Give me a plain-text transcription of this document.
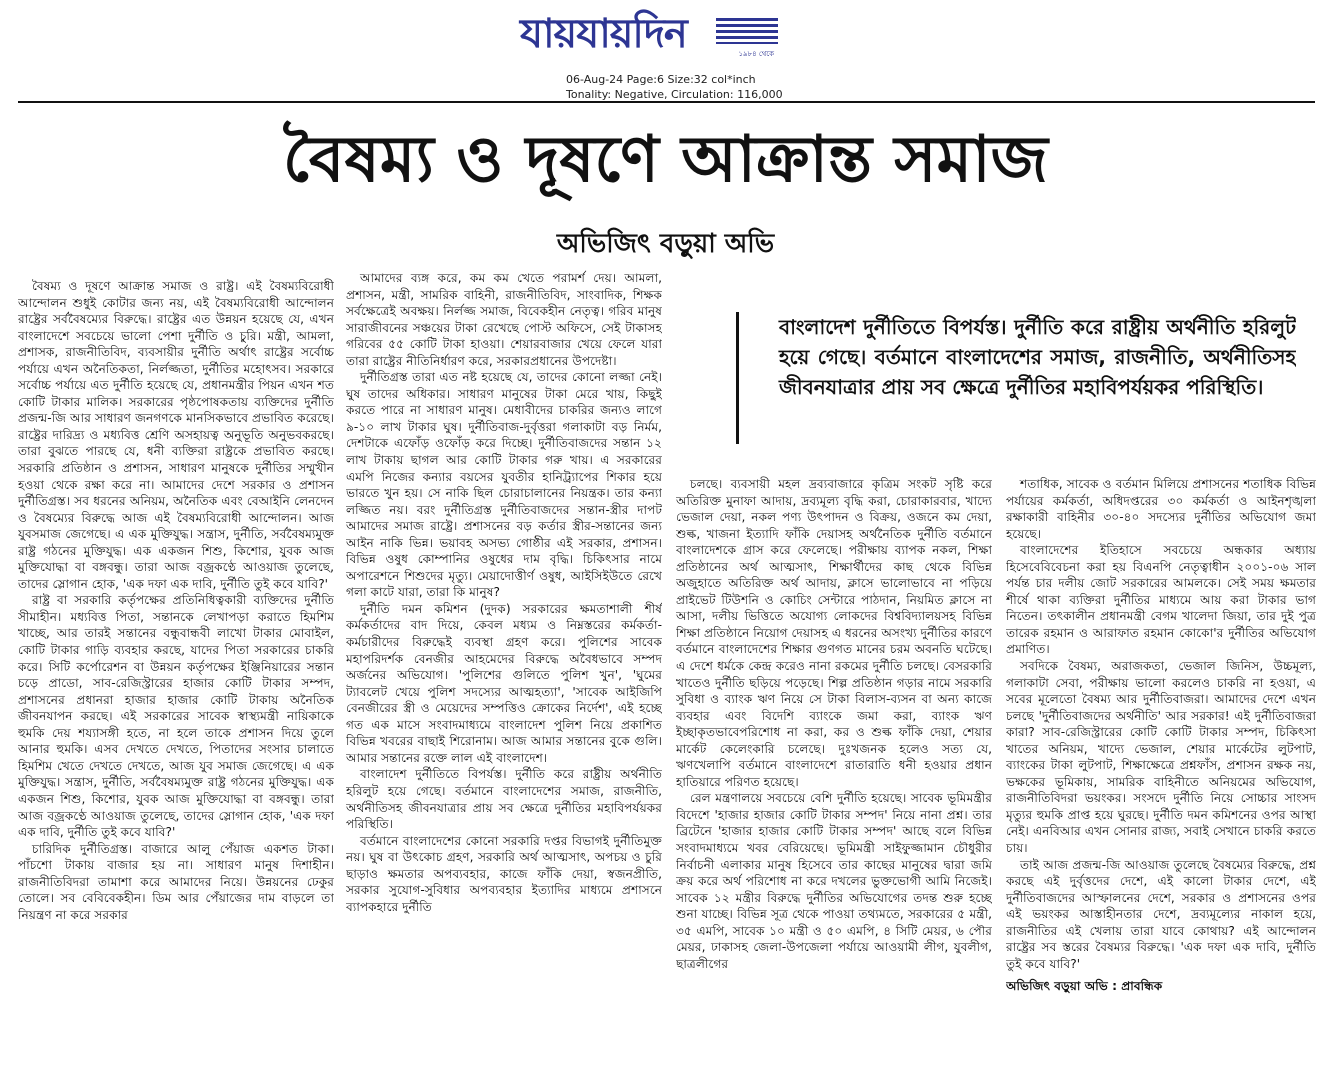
যায়যায়দিন	১৯৮৪ থেকে
06-Aug-24 Page:6 Size:32 col*inch
Tonality: Negative, Circulation: 116,000
বৈষম্য ও দূষণে আক্রান্ত সমাজ
অভিজিৎ বড়ুয়া অভি

বৈষম্য ও দূষণে আক্রান্ত সমাজ ও রাষ্ট্র। এই বৈষম্যবিরোধী আন্দোলন শুধুই কোটার জন্য নয়, এই বৈষম্যবিরোধী আন্দোলন রাষ্ট্রের সর্ববৈষম্যের বিরুদ্ধে। রাষ্ট্রের এত উন্নয়ন হয়েছে যে, এখন বাংলাদেশে সবচেয়ে ভালো পেশা দুর্নীতি ও চুরি। মন্ত্রী, আমলা, প্রশাসক, রাজনীতিবিদ, ব্যবসায়ীর দুর্নীতি অর্থাৎ রাষ্ট্রের সর্বোচ্চ পর্যায়ে এখন অনৈতিকতা, নির্লজ্জতা, দুর্নীতির মহোৎসব। সরকারে সর্বোচ্চ পর্যায়ে এত দুর্নীতি হয়েছে যে, প্রধানমন্ত্রীর পিয়ন এখন শত কোটি টাকার মালিক। সরকারের পৃষ্ঠপোষকতায় ব্যক্তিদের দুর্নীতি প্রজন্ম-জি আর সাধারণ জনগণকে মানসিকভাবে প্রভাবিত করেছে। রাষ্ট্রের দারিদ্র্য ও মধ্যবিত্ত শ্রেণি অসহায়ত্ব অনুভূতি অনুভবকরছে। তারা বুঝতে পারছে যে, ধনী ব্যক্তিরা রাষ্ট্রকে প্রভাবিত করছে। সরকারি প্রতিষ্ঠান ও প্রশাসন, সাধারণ মানুষকে দুর্নীতির সম্মুখীন হওয়া থেকে রক্ষা করে না। আমাদের দেশে সরকার ও প্রশাসন দুর্নীতিগ্রস্ত। সব ধরনের অনিয়ম, অনৈতিক এবং বেআইনি লেনদেন ও বৈষম্যের বিরুদ্ধে আজ এই বৈষম্যবিরোধী আন্দোলন। আজ যুবসমাজ জেগেছে। এ এক মুক্তিযুদ্ধ। সন্ত্রাস, দুর্নীতি, সর্ববৈষম্যমুক্ত রাষ্ট্র গঠনের মুক্তিযুদ্ধ। এক একজন শিশু, কিশোর, যুবক আজ মুক্তিযোদ্ধা বা বঙ্গবন্ধু। তারা আজ বজ্রকণ্ঠে আওয়াজ তুলেছে, তাদের স্লোগান হোক, 'এক দফা এক দাবি, দুর্নীতি তুই কবে যাবি?'

রাষ্ট্র বা সরকারি কর্তৃপক্ষের প্রতিনিধিত্বকারী ব্যক্তিদের দুর্নীতি সীমাহীন। মধ্যবিত্ত পিতা, সন্তানকে লেখাপড়া করাতে হিমশিম খাচ্ছে, আর তারই সন্তানের বন্ধুবান্ধবী লাখো টাকার মোবাইল, কোটি টাকার গাড়ি ব্যবহার করছে, যাদের পিতা সরকারের চাকরি করে। সিটি কর্পোরেশন বা উন্নয়ন কর্তৃপক্ষের ইঞ্জিনিয়ারের সন্তান চড়ে প্রাডো, সাব-রেজিস্ট্রারের হাজার কোটি টাকার সম্পদ, প্রশাসনের প্রধানরা হাজার হাজার কোটি টাকায় অনৈতিক জীবনযাপন করছে। এই সরকারের সাবেক স্বাস্থ্যমন্ত্রী নায়িকাকে হুমকি দেয় শয্যাসঙ্গী হতে, না হলে তাকে প্রশাসন দিয়ে তুলে আনার হুমকি। এসব দেখতে দেখতে, পিতাদের সংসার চালাতে হিমশিম খেতে দেখতে দেখতে, আজ যুব সমাজ জেগেছে। এ এক মুক্তিযুদ্ধ। সন্ত্রাস, দুর্নীতি, সর্ববৈষম্যমুক্ত রাষ্ট্র গঠনের মুক্তিযুদ্ধ। এক একজন শিশু, কিশোর, যুবক আজ মুক্তিযোদ্ধা বা বঙ্গবন্ধু। তারা আজ বজ্রকণ্ঠে আওয়াজ তুলেছে, তাদের স্লোগান হোক, 'এক দফা এক দাবি, দুর্নীতি তুই কবে যাবি?'

চারিদিক দুর্নীতিগ্রস্ত। বাজারে আলু পেঁয়াজ একশত টাকা। পাঁচশো টাকায় বাজার হয় না। সাধারণ মানুষ দিশাহীন। রাজনীতিবিদরা তামাশা করে আমাদের নিয়ে। উন্নয়নের ঢেকুর তোলে। সব বেবিবেকহীন। ডিম আর পেঁয়াজের দাম বাড়লে তা নিয়ন্ত্রণ না করে সরকার

আমাদের ব্যঙ্গ করে, কম কম খেতে পরামর্শ দেয়। আমলা, প্রশাসন, মন্ত্রী, সামরিক বাহিনী, রাজনীতিবিদ, সাংবাদিক, শিক্ষক সর্বক্ষেত্রেই অবক্ষয়। নির্লজ্জ সমাজ, বিবেকহীন নেতৃত্ব। গরিব মানুষ সারাজীবনের সঞ্চয়ের টাকা রেখেছে পোস্ট অফিসে, সেই টাকাসহ গরিবের ৫৫ কোটি টাকা হাওয়া। শেয়ারবাজার খেয়ে ফেলে যারা তারা রাষ্ট্রের নীতিনির্ধারণ করে, সরকারপ্রধানের উপদেষ্টা।

দুর্নীতিগ্রস্ত তারা এত নষ্ট হয়েছে যে, তাদের কোনো লজ্জা নেই। ঘুষ তাদের অধিকার। সাধারণ মানুষের টাকা মেরে খায়, কিছুই করতে পারে না সাধারণ মানুষ। মেধাবীদের চাকরির জন্যও লাগে ৯-১০ লাখ টাকার ঘুষ। দুর্নীতিবাজ-দুর্বৃত্তরা গলাকাটা বড় নির্মম, দেশটাকে এফোঁড় ওফোঁড় করে দিচ্ছে। দুর্নীতিবাজদের সন্তান ১২ লাখ টাকায় ছাগল আর কোটি টাকার গরু খায়। এ সরকারের এমপি নিজের কন্যার বয়সের যুবতীর হানিট্র্যাপের শিকার হয়ে ভারতে খুন হয়। সে নাকি ছিল চোরাচালানের নিয়ন্ত্রক। তার কন্যা লজ্জিত নয়। বরং দুর্নীতিগ্রস্ত দুর্নীতিবাজদের সন্তান-স্ত্রীর দাপট আমাদের সমাজ রাষ্ট্রে। প্রশাসনের বড় কর্তার স্ত্রীর-সন্তানের জন্য আইন নাকি ভিন্ন। ভয়াবহ অসভ্য গোষ্ঠীর এই সরকার, প্রশাসন। বিভিন্ন ওষুধ কোম্পানির ওষুধের দাম বৃদ্ধি। চিকিৎসার নামে অপারেশনে শিশুদের মৃত্যু। মেয়াদোত্তীর্ণ ওষুধ, আইসিইউতে রেখে গলা কাটে যারা, তারা কি মানুষ?

দুর্নীতি দমন কমিশন (দুদক) সরকারের ক্ষমতাশালী শীর্ষ কর্মকর্তাদের বাদ দিয়ে, কেবল মধ্যম ও নিম্নস্তরের কর্মকর্তা-কর্মচারীদের বিরুদ্ধেই ব্যবস্থা গ্রহণ করে। পুলিশের সাবেক মহাপরিদর্শক বেনজীর আহমেদের বিরুদ্ধে অবৈধভাবে সম্পদ অর্জনের অভিযোগ। 'পুলিশের গুলিতে পুলিশ খুন', 'ঘুমের ট্যাবলেট খেয়ে পুলিশ সদস্যের আত্মহত্যা', 'সাবেক আইজিপি বেনজীরের স্ত্রী ও মেয়েদের সম্পত্তিও ক্রোকের নির্দেশ', এই হচ্ছে গত এক মাসে সংবাদমাধ্যমে বাংলাদেশ পুলিশ নিয়ে প্রকাশিত বিভিন্ন খবরের বাছাই শিরোনাম। আজ আমার সন্তানের বুকে গুলি। আমার সন্তানের রক্তে লাল এই বাংলাদেশ।

বাংলাদেশ দুর্নীতিতে বিপর্যস্ত। দুর্নীতি করে রাষ্ট্রীয় অর্থনীতি হরিলুট হয়ে গেছে। বর্তমানে বাংলাদেশের সমাজ, রাজনীতি, অর্থনীতিসহ জীবনযাত্রার প্রায় সব ক্ষেত্রে দুর্নীতির মহাবিপর্যয়কর পরিস্থিতি।

বর্তমানে বাংলাদেশের কোনো সরকারি দপ্তর বিভাগই দুর্নীতিমুক্ত নয়। ঘুষ বা উৎকোচ গ্রহণ, সরকারি অর্থ আত্মসাৎ, অপচয় ও চুরি ছাড়াও ক্ষমতার অপব্যবহার, কাজে ফাঁকি দেয়া, স্বজনপ্রীতি, সরকার সুযোগ-সুবিধার অপব্যবহার ইত্যাদির মাধ্যমে প্রশাসনে ব্যাপকহারে দুর্নীতি

বাংলাদেশ দুর্নীতিতে বিপর্যস্ত। দুর্নীতি করে রাষ্ট্রীয় অর্থনীতি হরিলুট হয়ে গেছে। বর্তমানে বাংলাদেশের সমাজ, রাজনীতি, অর্থনীতিসহ জীবনযাত্রার প্রায় সব ক্ষেত্রে দুর্নীতির মহাবিপর্যয়কর পরিস্থিতি।

চলছে। ব্যবসায়ী মহল দ্রব্যবাজারে কৃত্রিম সংকট সৃষ্টি করে অতিরিক্ত মুনাফা আদায়, দ্রব্যমূল্য বৃদ্ধি করা, চোরাকারবার, খাদ্যে ভেজাল দেয়া, নকল পণ্য উৎপাদন ও বিক্রয়, ওজনে কম দেয়া, শুল্ক, খাজনা ইত্যাদি ফাঁকি দেয়াসহ অর্থনৈতিক দুর্নীতি বর্তমানে বাংলাদেশকে গ্রাস করে ফেলেছে। পরীক্ষায় ব্যাপক নকল, শিক্ষা প্রতিষ্ঠানের অর্থ আত্মসাৎ, শিক্ষার্থীদের কাছ থেকে বিভিন্ন অজুহাতে অতিরিক্ত অর্থ আদায়, ক্লাসে ভালোভাবে না পড়িয়ে প্রাইভেট টিউশনি ও কোচিং সেন্টারে পাঠদান, নিয়মিত ক্লাসে না আসা, দলীয় ভিত্তিতে অযোগ্য লোকদের বিশ্ববিদ্যালয়সহ বিভিন্ন শিক্ষা প্রতিষ্ঠানে নিয়োগ দেয়াসহ এ ধরনের অসংখ্য দুর্নীতির কারণে বর্তমানে বাংলাদেশের শিক্ষার গুণগত মানের চরম অবনতি ঘটেছে। এ দেশে ধর্মকে কেন্দ্র করেও নানা রকমের দুর্নীতি চলছে। বেসরকারি খাতেও দুর্নীতি ছড়িয়ে পড়েছে। শিল্প প্রতিষ্ঠান গড়ার নামে সরকারি সুবিধা ও ব্যাংক ঋণ নিয়ে সে টাকা বিলাস-ব্যসন বা অন্য কাজে ব্যবহার এবং বিদেশি ব্যাংকে জমা করা, ব্যাংক ঋণ ইচ্ছাকৃতভাবেপরিশোধ না করা, কর ও শুল্ক ফাঁকি দেয়া, শেয়ার মার্কেট কেলেংকারি চলেছে। দুঃখজনক হলেও সত্য যে, ঋণখেলাপি বর্তমানে বাংলাদেশে রাতারাতি ধনী হওয়ার প্রধান হাতিয়ারে পরিণত হয়েছে।

রেল মন্ত্রণালয়ে সবচেয়ে বেশি দুর্নীতি হয়েছে। সাবেক ভূমিমন্ত্রীর বিদেশে 'হাজার হাজার কোটি টাকার সম্পদ' নিয়ে নানা প্রশ্ন। তার ব্রিটেনে 'হাজার হাজার কোটি টাকার সম্পদ' আছে বলে বিভিন্ন সংবাদমাধ্যমে খবর বেরিয়েছে। ভূমিমন্ত্রী সাইফুজ্জামান চৌধুরীর নির্বাচনী এলাকার মানুষ হিসেবে তার কাছের মানুষের দ্বারা জমি ক্রয় করে অর্থ পরিশোধ না করে দখলের ভুক্তভোগী আমি নিজেই। সাবেক ১২ মন্ত্রীর বিরুদ্ধে দুর্নীতির অভিযোগের তদন্ত শুরু হচ্ছে শুনা যাচ্ছে। বিভিন্ন সূত্র থেকে পাওয়া তথ্যমতে, সরকারের ৫ মন্ত্রী, ৩৫ এমপি, সাবেক ১০ মন্ত্রী ও ৫০ এমপি, ৪ সিটি মেয়র, ৬ পৌর মেয়র, ঢাকাসহ জেলা-উপজেলা পর্যায়ে আওয়ামী লীগ, যুবলীগ, ছাত্রলীগের

শতাধিক, সাবেক ও বর্তমান মিলিয়ে প্রশাসনের শতাধিক বিভিন্ন পর্যায়ের কর্মকর্তা, অধিদপ্তরের ৩০ কর্মকর্তা ও আইনশৃঙ্খলা রক্ষাকারী বাহিনীর ৩০-৪০ সদস্যের দুর্নীতির অভিযোগ জমা হয়েছে।

বাংলাদেশের ইতিহাসে সবচেয়ে অন্ধকার অধ্যায় হিসেবেবিবেচনা করা হয় বিএনপি নেতৃত্বাধীন ২০০১-০৬ সাল পর্যন্ত চার দলীয় জোট সরকারের আমলকে। সেই সময় ক্ষমতার শীর্ষে থাকা ব্যক্তিরা দুর্নীতির মাধ্যমে আয় করা টাকার ভাগ নিতেন। তৎকালীন প্রধানমন্ত্রী বেগম খালেদা জিয়া, তার দুই পুত্র তারেক রহমান ও আরাফাত রহমান কোকো'র দুর্নীতির অভিযোগ প্রমাণিত।

সবদিকে বৈষম্য, অরাজকতা, ভেজাল জিনিস, উচ্চমূল্য, গলাকাটা সেবা, পরীক্ষায় ভালো করলেও চাকরি না হওয়া, এ সবের মূলেতো বৈষম্য আর দুর্নীতিবাজরা। আমাদের দেশে এখন চলছে 'দুর্নীতিবাজদের অর্থনীতি' আর সরকার! এই দুর্নীতিবাজরা কারা? সাব-রেজিস্ট্রারের কোটি কোটি টাকার সম্পদ, চিকিৎসা খাতের অনিয়ম, খাদ্যে ভেজাল, শেয়ার মার্কেটের লুটপাট, ব্যাংকের টাকা লুটপাট, শিক্ষাক্ষেত্রে প্রশ্নফাঁস, প্রশাসন রক্ষক নয়, ভক্ষকের ভূমিকায়, সামরিক বাহিনীতে অনিয়মের অভিযোগ, রাজনীতিবিদরা ভয়ংকর। সংসদে দুর্নীতি নিয়ে সোচ্চার সাংসদ মৃত্যুর হুমকি প্রাপ্ত হয়ে ঘুরছে। দুর্নীতি দমন কমিশনের ওপর আস্থা নেই। এনবিআর এখন সোনার রাজ্য, সবাই সেখানে চাকরি করতে চায়।

তাই আজ প্রজন্ম-জি আওয়াজ তুলেছে বৈষম্যের বিরুদ্ধে, প্রশ্ন করছে এই দুর্বৃত্তদের দেশে, এই কালো টাকার দেশে, এই দুর্নীতিবাজদের আস্ফালনের দেশে, সরকার ও প্রশাসনের ওপর এই ভয়ংকর আস্তাহীনতার দেশে, দ্রব্যমূল্যের নাকাল হয়ে, রাজনীতির এই খেলায় তারা যাবে কোথায়? এই আন্দোলন রাষ্ট্রের সব স্তরের বৈষম্যর বিরুদ্ধে। 'এক দফা এক দাবি, দুর্নীতি তুই কবে যাবি?'

অভিজিৎ বড়ুয়া অভি : প্রাবন্ধিক
